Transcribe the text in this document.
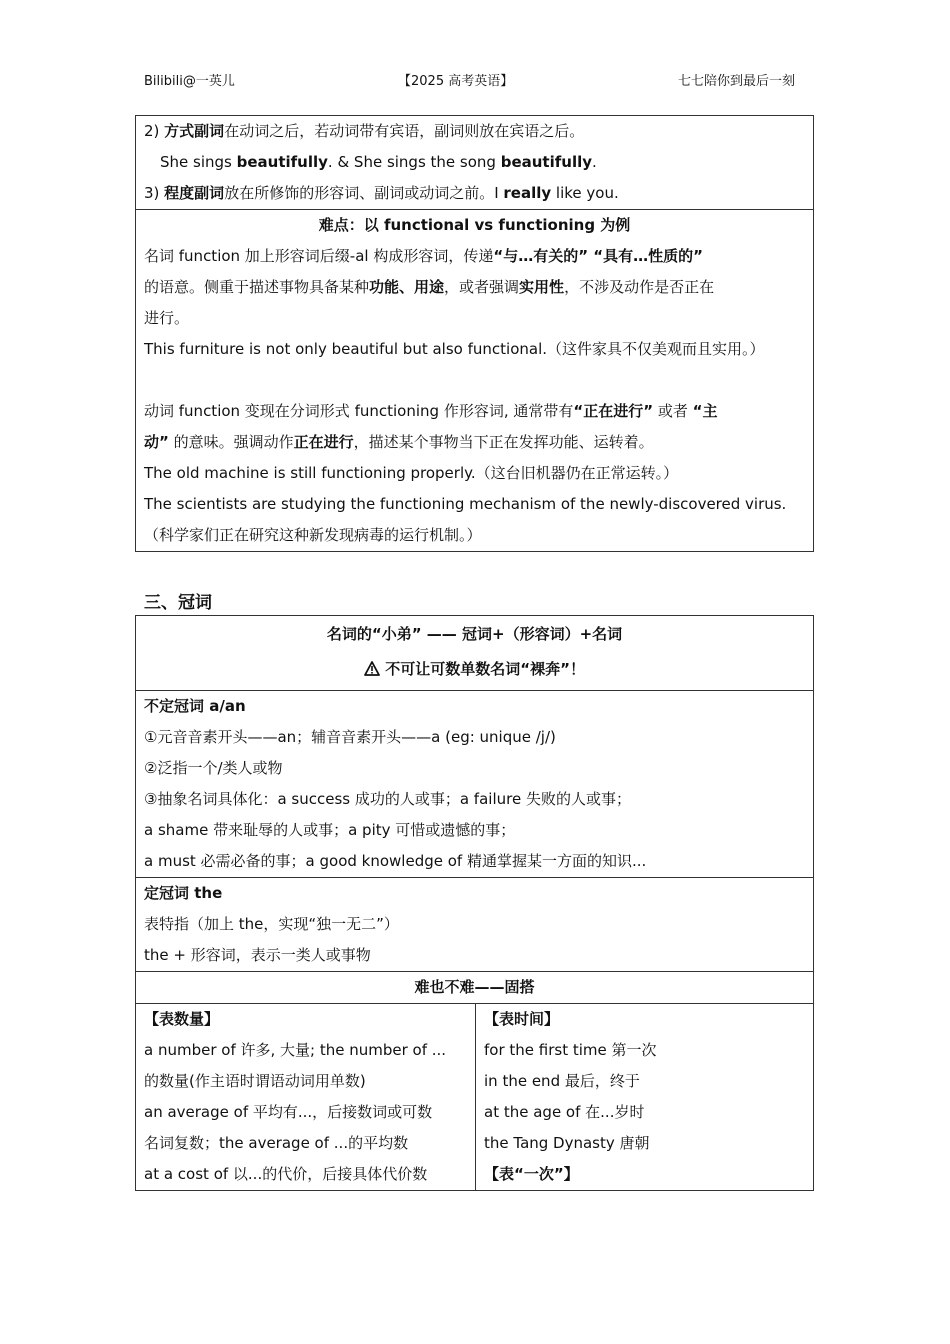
Bilibili@一英儿	【2025 高考英语】	七七陪你到最后一刻
2) 方式副词在动词之后，若动词带有宾语，副词则放在宾语之后。
She sings beautifully. & She sings the song beautifully.
3) 程度副词放在所修饰的形容词、副词或动词之前。I really like you.
难点：以 functional vs functioning 为例
名词 function 加上形容词后缀-al 构成形容词，传递“与…有关的” “具有…性质的”
的语意。侧重于描述事物具备某种功能、用途，或者强调实用性，不涉及动作是否正在
进行。
This furniture is not only beautiful but also functional.（这件家具不仅美观而且实用。）
动词 function 变现在分词形式 functioning 作形容词, 通常带有“正在进行” 或者 “主
动” 的意味。强调动作正在进行，描述某个事物当下正在发挥功能、运转着。
The old machine is still functioning properly.（这台旧机器仍在正常运转。）
The scientists are studying the functioning mechanism of the newly-discovered virus.
（科学家们正在研究这种新发现病毒的运行机制。）
三、冠词
名词的“小弟” —— 冠词+（形容词）+名词
不可让可数单数名词“裸奔”！
不定冠词 a/an
①元音音素开头——an；辅音音素开头——a (eg: unique /j/)
②泛指一个/类人或物
③抽象名词具体化：a success 成功的人或事；a failure 失败的人或事；
a shame 带来耻辱的人或事；a pity 可惜或遗憾的事；
a must 必需必备的事；a good knowledge of 精通掌握某一方面的知识...
定冠词 the
表特指（加上 the，实现“独一无二”）
the + 形容词，表示一类人或事物
难也不难——固搭
【表数量】
a number of 许多, 大量; the number of ...
的数量(作主语时谓语动词用单数)
an average of 平均有...，后接数词或可数
名词复数；the average of ...的平均数
at a cost of 以...的代价，后接具体代价数
【表时间】
for the first time 第一次
in the end 最后，终于
at the age of 在...岁时
the Tang Dynasty 唐朝
【表“一次”】
